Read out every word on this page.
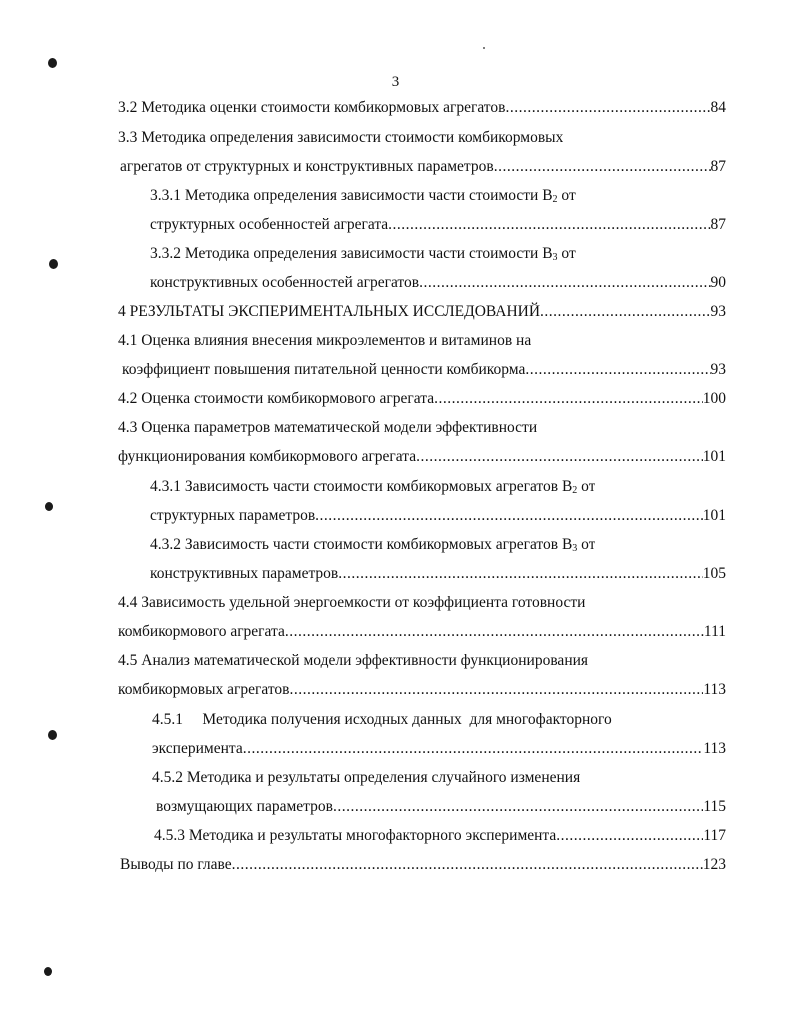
3
3.2 Методика оценки стоимости комбикормовых агрегатов .....	84
3.3 Методика определения зависимости стоимости комбикормовых
агрегатов от структурных и конструктивных параметров .....	87
3.3.1 Методика определения зависимости части стоимости $В_2$ от
структурных особенностей агрегата .....	87
3.3.2 Методика определения зависимости части стоимости $В_3$ от
конструктивных особенностей агрегатов .....	90
4 РЕЗУЛЬТАТЫ ЭКСПЕРИМЕНТАЛЬНЫХ ИССЛЕДОВАНИЙ .....	93
4.1 Оценка влияния внесения микроэлементов и витаминов на
коэффициент повышения питательной ценности комбикорма .....	93
4.2 Оценка стоимости комбикормового агрегата .....	100
4.3 Оценка параметров математической модели эффективности
функционирования комбикормового агрегата .....	101
4.3.1 Зависимость части стоимости комбикормовых агрегатов $В_2$ от
структурных параметров .....	101
4.3.2 Зависимость части стоимости комбикормовых агрегатов $В_3$ от
конструктивных параметров .....	105
4.4 Зависимость удельной энергоемкости от коэффициента готовности
комбикормового агрегата .....	111
4.5 Анализ математической модели эффективности функционирования
комбикормовых агрегатов .....	113
4.5.1     Методика получения исходных данных  для многофакторного
эксперимента .....	113
4.5.2 Методика и результаты определения случайного изменения
возмущающих параметров .....	115
4.5.3 Методика и результаты многофакторного эксперимента .....	117
Выводы по главе .....	123
